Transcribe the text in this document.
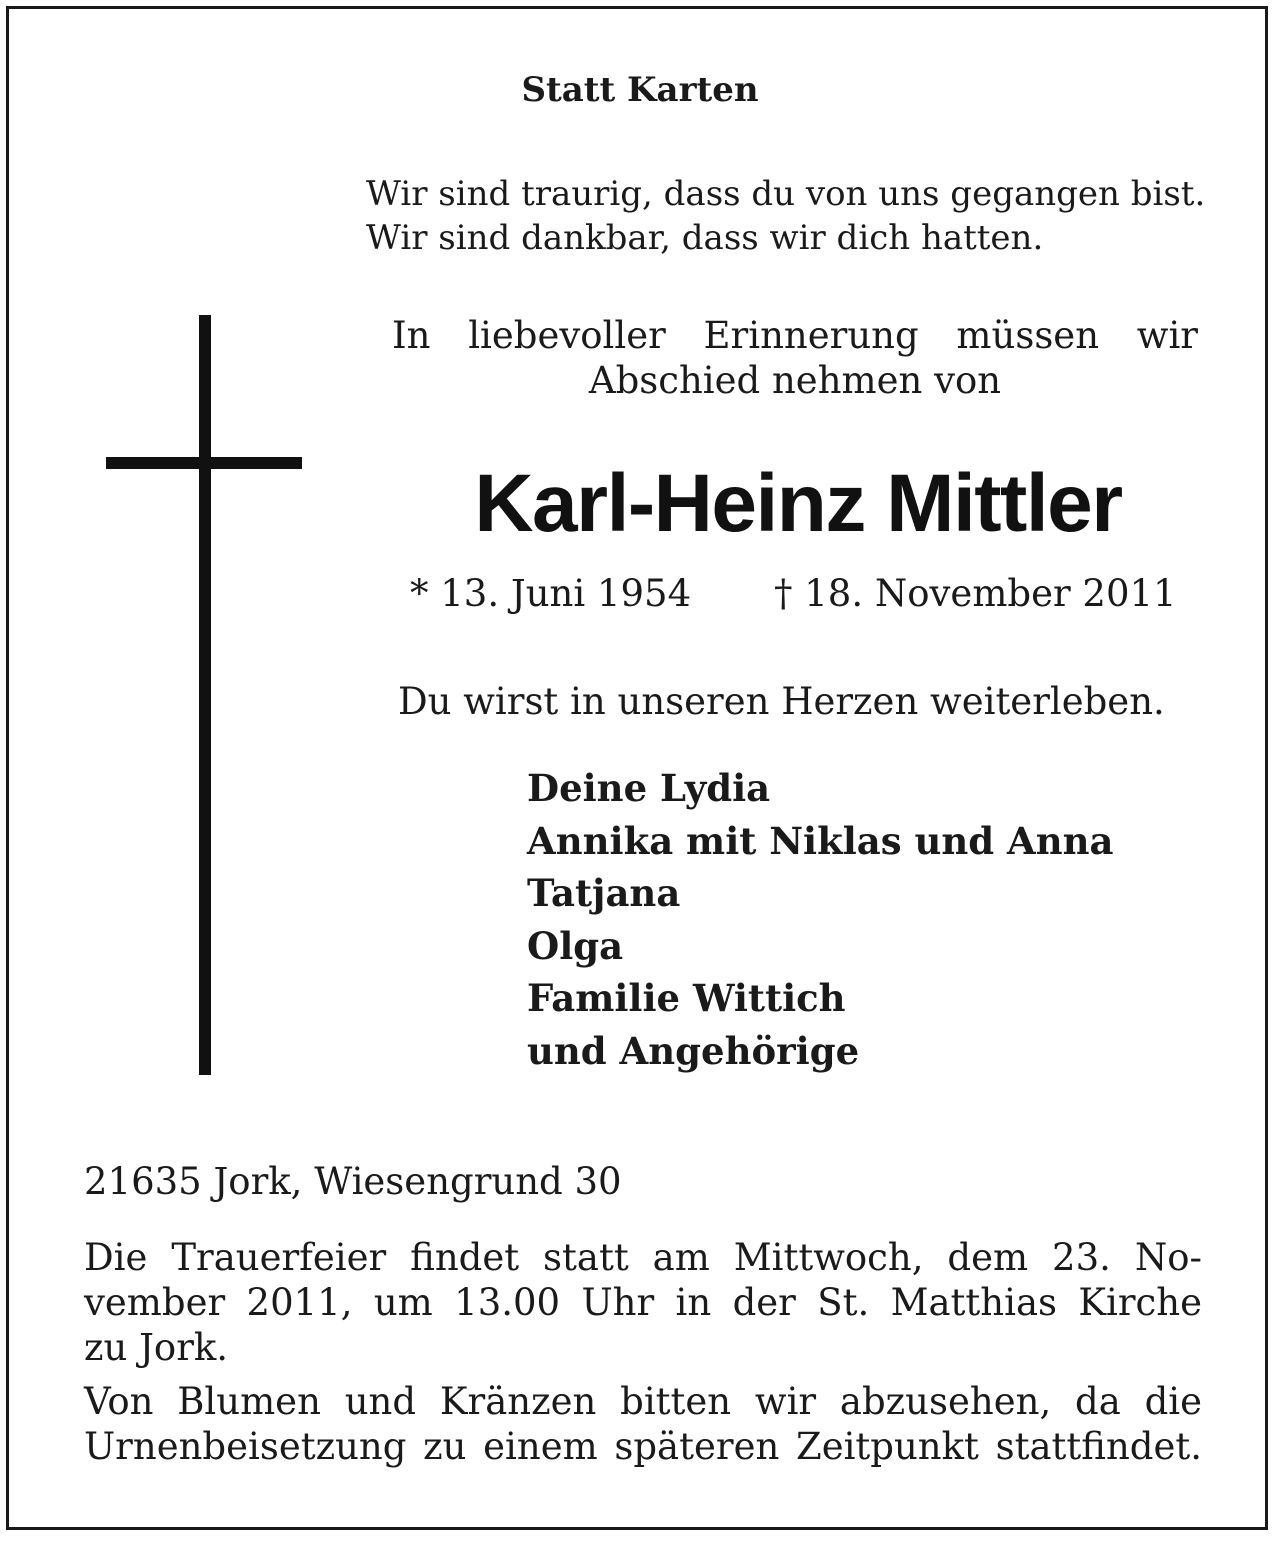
Statt Karten
Wir sind traurig, dass du von uns gegangen bist.
Wir sind dankbar, dass wir dich hatten.
In liebevoller Erinnerung müssen wir
Abschied nehmen von
Karl-Heinz Mittler
* 13. Juni 1954 † 18. November 2011
Du wirst in unseren Herzen weiterleben.
Deine Lydia
Annika mit Niklas und Anna
Tatjana
Olga
Familie Wittich
und Angehörige
21635 Jork, Wiesengrund 30
Die Trauerfeier findet statt am Mittwoch, dem 23. No-
vember 2011, um 13.00 Uhr in der St. Matthias Kirche
zu Jork.
Von Blumen und Kränzen bitten wir abzusehen, da die
Urnenbeisetzung zu einem späteren Zeitpunkt stattfindet.
